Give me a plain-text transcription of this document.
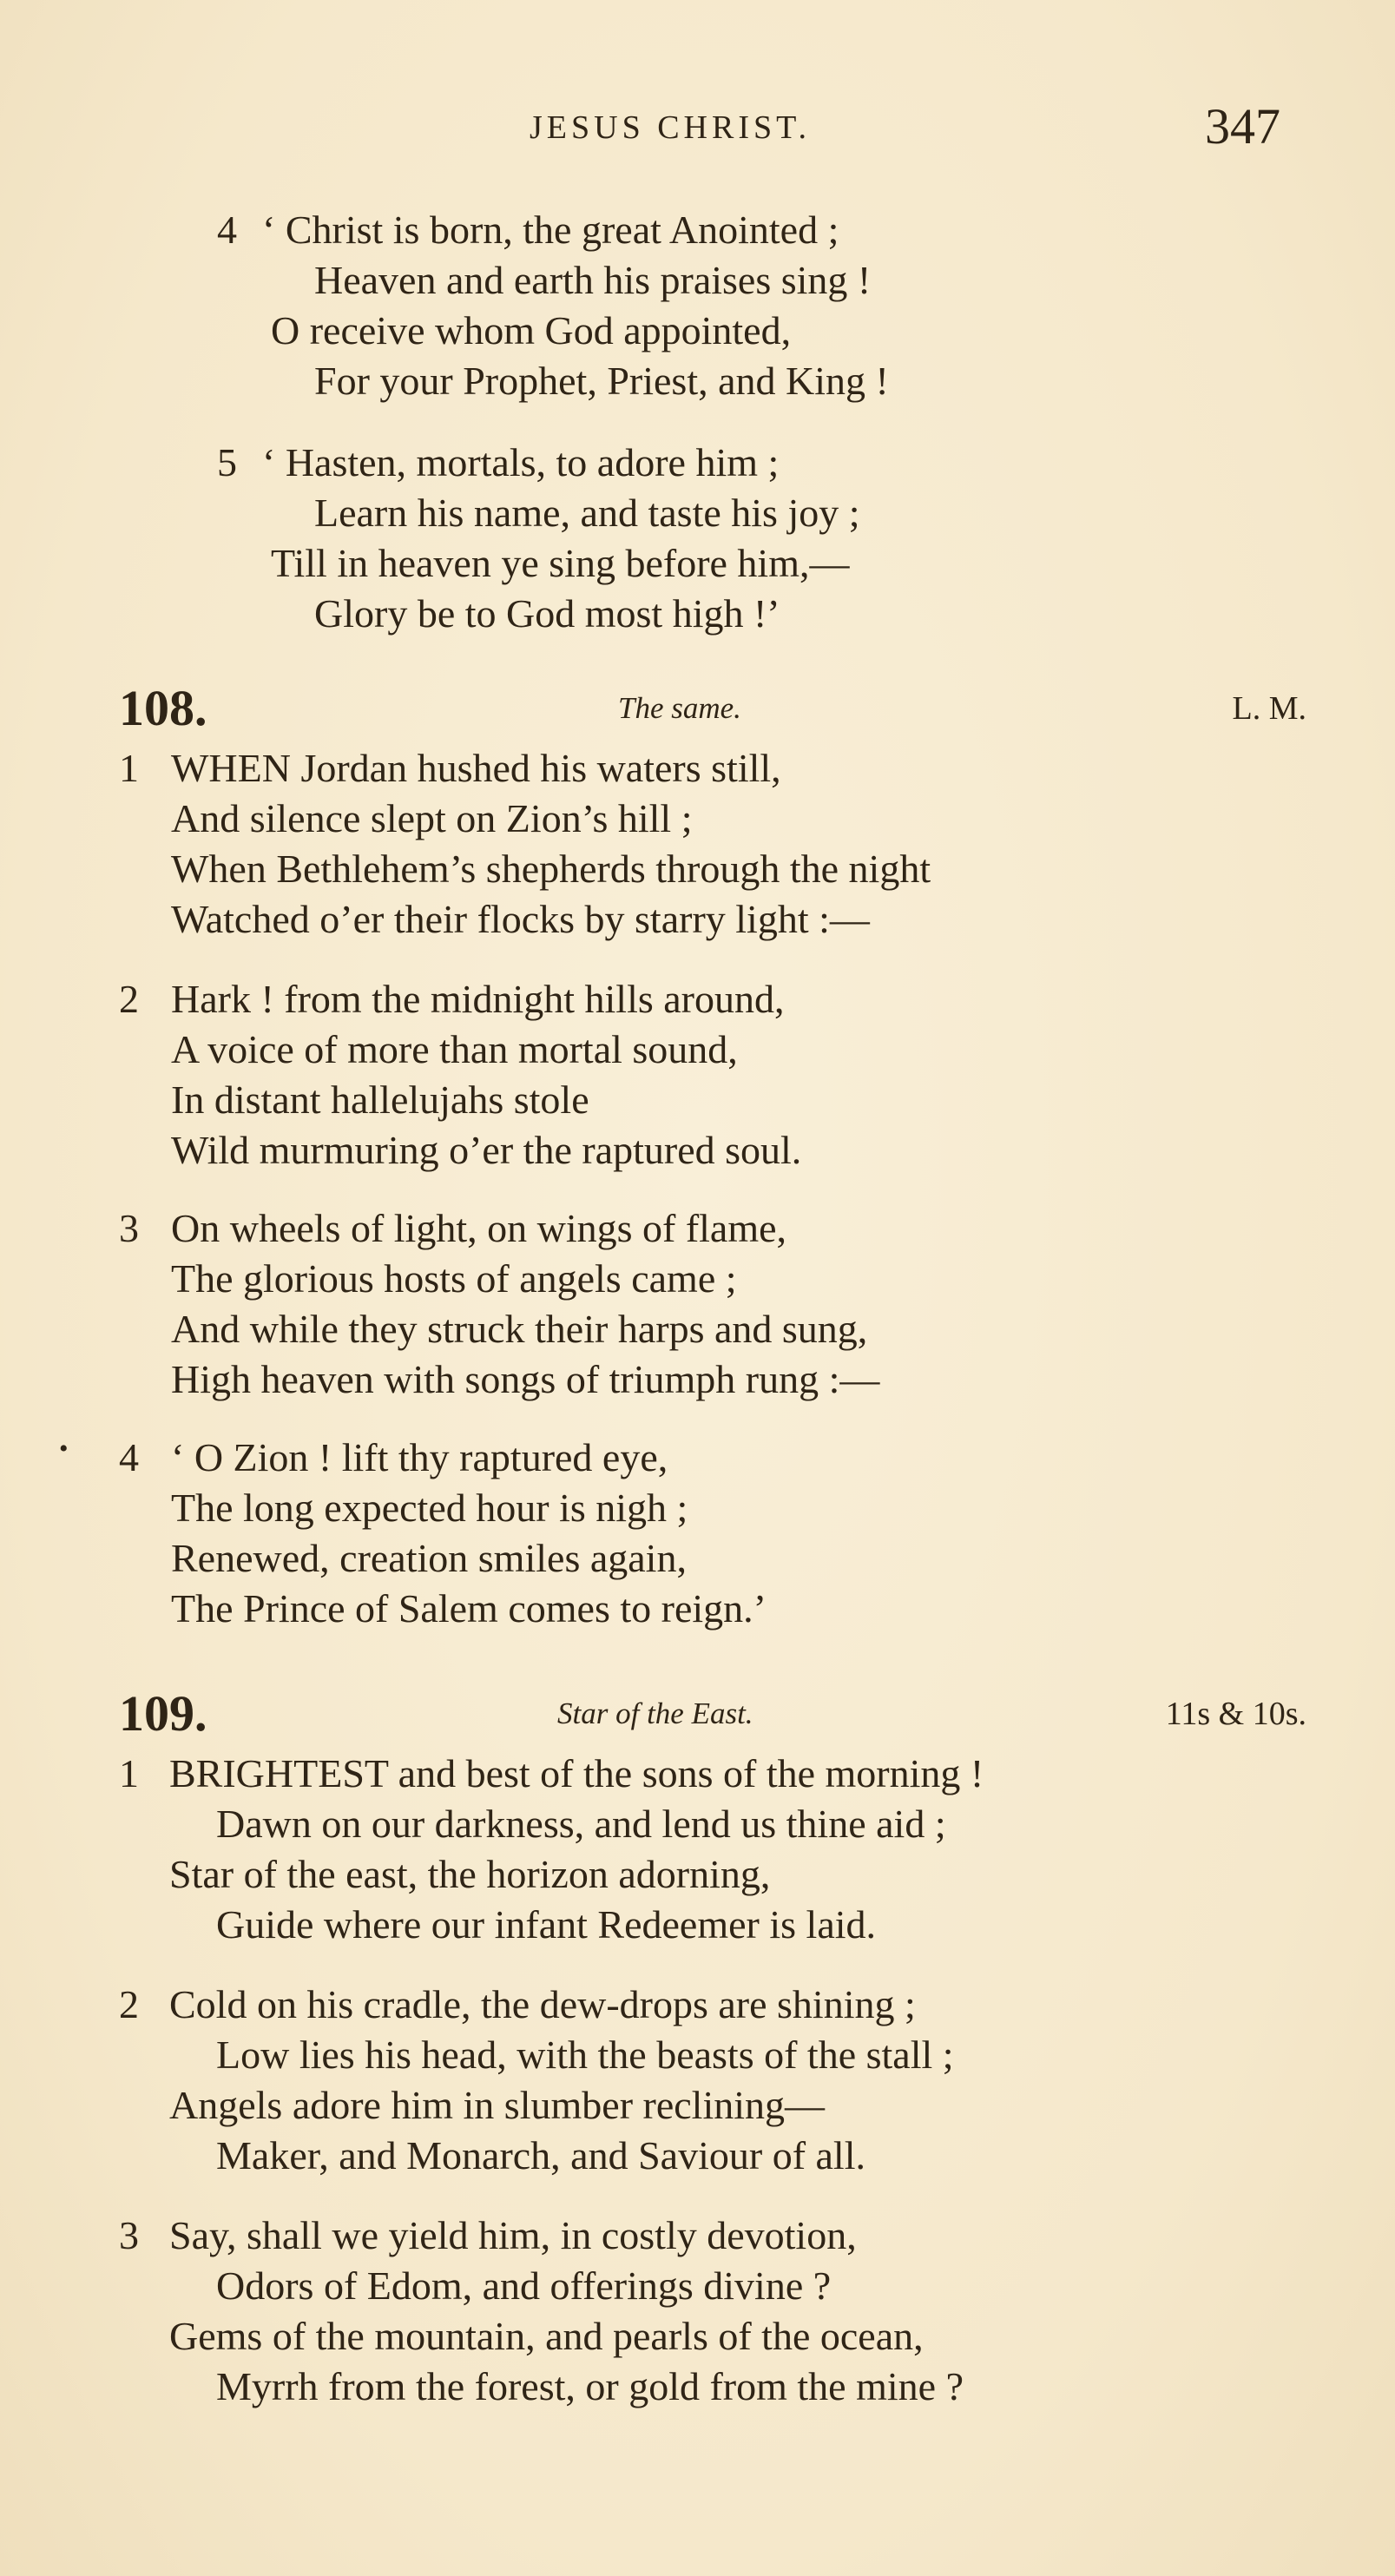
JESUS CHRIST.	347
4 ‘ Christ is born, the great Anointed ;
Heaven and earth his praises sing !
O receive whom God appointed,
For your Prophet, Priest, and King !
5 ‘ Hasten, mortals, to adore him ;
Learn his name, and taste his joy ;
Till in heaven ye sing before him,—
Glory be to God most high !’
108.	The same.	L. M.
1 WHEN Jordan hushed his waters still,
And silence slept on Zion’s hill ;
When Bethlehem’s shepherds through the night
Watched o’er their flocks by starry light :—
2 Hark ! from the midnight hills around,
A voice of more than mortal sound,
In distant hallelujahs stole
Wild murmuring o’er the raptured soul.
3 On wheels of light, on wings of flame,
The glorious hosts of angels came ;
And while they struck their harps and sung,
High heaven with songs of triumph rung :—
• 4 ‘ O Zion ! lift thy raptured eye,
The long expected hour is nigh ;
Renewed, creation smiles again,
The Prince of Salem comes to reign.’
109.	Star of the East.	11s & 10s.
1 BRIGHTEST and best of the sons of the morning !
Dawn on our darkness, and lend us thine aid ;
Star of the east, the horizon adorning,
Guide where our infant Redeemer is laid.
2 Cold on his cradle, the dew-drops are shining ;
Low lies his head, with the beasts of the stall ;
Angels adore him in slumber reclining—
Maker, and Monarch, and Saviour of all.
3 Say, shall we yield him, in costly devotion,
Odors of Edom, and offerings divine ?
Gems of the mountain, and pearls of the ocean,
Myrrh from the forest, or gold from the mine ?
